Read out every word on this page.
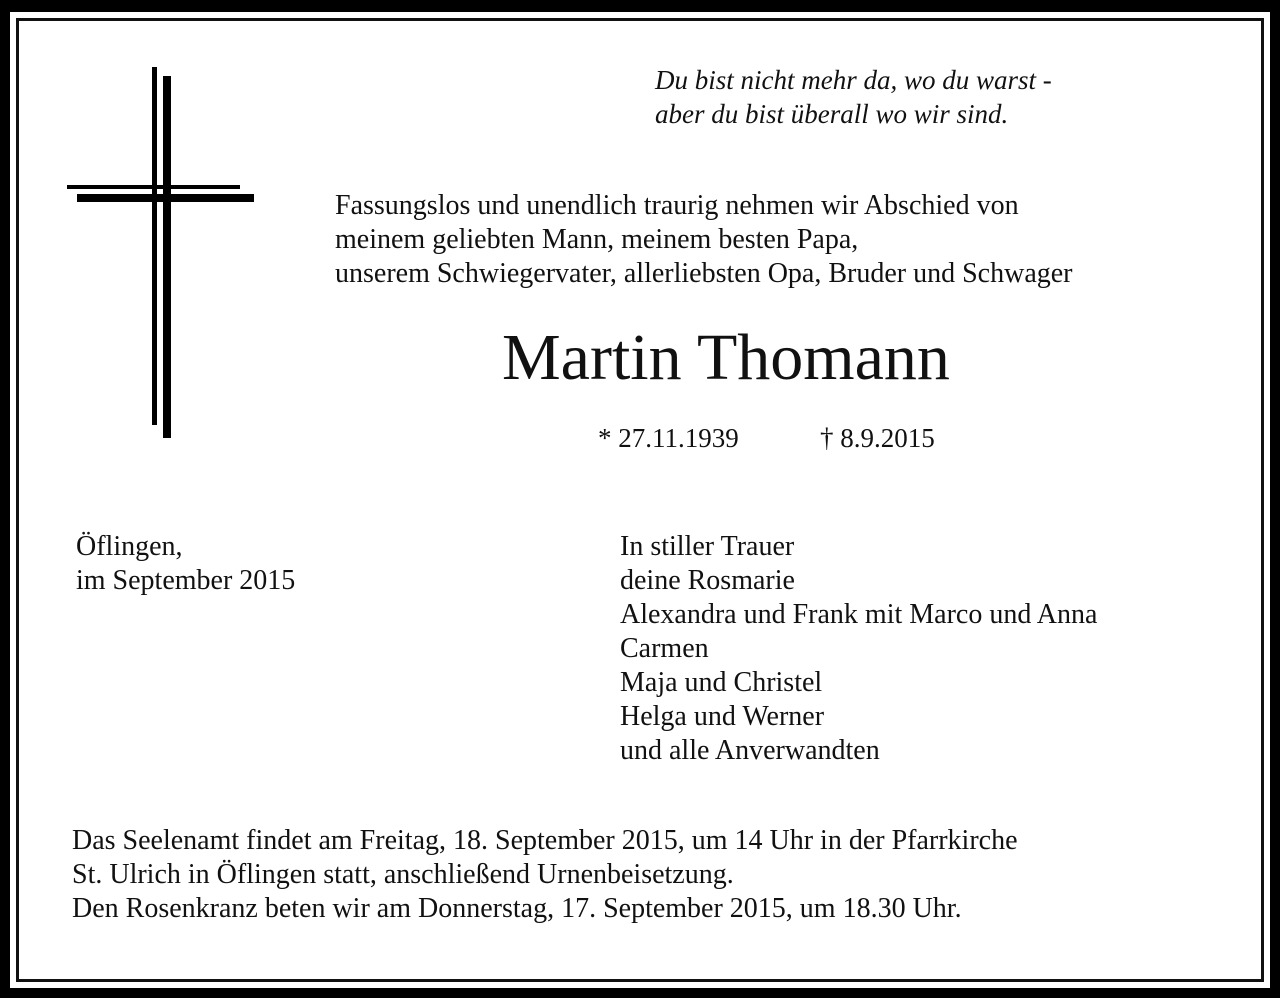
Du bist nicht mehr da, wo du warst -
aber du bist überall wo wir sind.
Fassungslos und unendlich traurig nehmen wir Abschied von
meinem geliebten Mann, meinem besten Papa,
unserem Schwiegervater, allerliebsten Opa, Bruder und Schwager
Martin Thomann
* 27.11.1939	† 8.9.2015
Öflingen,
im September 2015
In stiller Trauer
deine Rosmarie
Alexandra und Frank mit Marco und Anna
Carmen
Maja und Christel
Helga und Werner
und alle Anverwandten
Das Seelenamt findet am Freitag, 18. September 2015, um 14 Uhr in der Pfarrkirche
St. Ulrich in Öflingen statt, anschließend Urnenbeisetzung.
Den Rosenkranz beten wir am Donnerstag, 17. September 2015, um 18.30 Uhr.
